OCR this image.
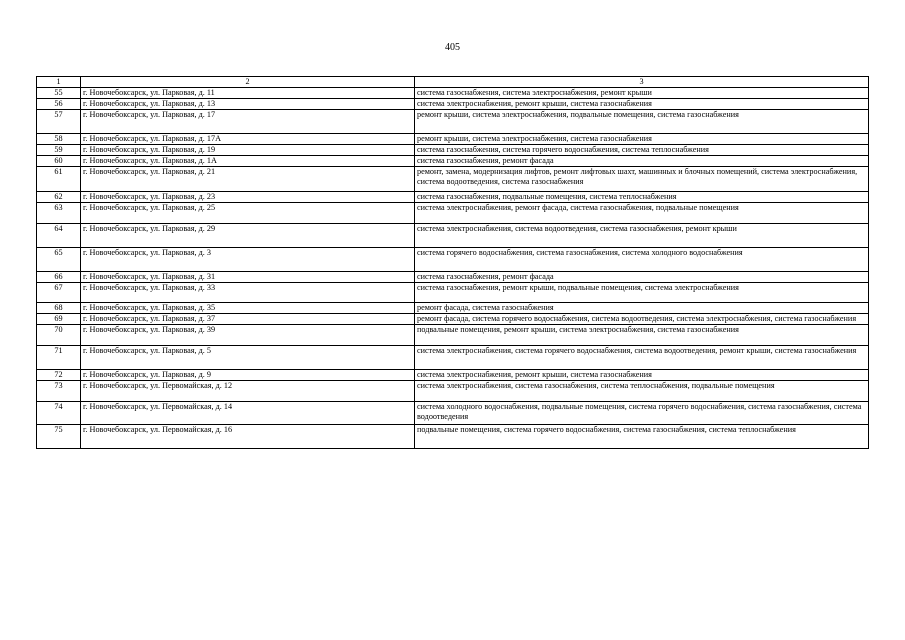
405
1	2	3
55	г. Новочебоксарск, ул. Парковая, д. 11	система газоснабжения, система электроснабжения, ремонт крыши
56	г. Новочебоксарск, ул. Парковая, д. 13	система электроснабжения, ремонт крыши, система газоснабжения
57	г. Новочебоксарск, ул. Парковая, д. 17	ремонт крыши, система электроснабжения, подвальные помещения, система газоснабжения
58	г. Новочебоксарск, ул. Парковая, д. 17А	ремонт крыши, система электроснабжения, система газоснабжения
59	г. Новочебоксарск, ул. Парковая, д. 19	система газоснабжения, система горячего водоснабжения, система теплоснабжения
60	г. Новочебоксарск, ул. Парковая, д. 1А	система газоснабжения, ремонт фасада
61	г. Новочебоксарск, ул. Парковая, д. 21	ремонт, замена, модернизация лифтов, ремонт лифтовых шахт, машинных и блочных помещений, система электроснабжения, система водоотведения, система газоснабжения
62	г. Новочебоксарск, ул. Парковая, д. 23	система газоснабжения, подвальные помещения, система теплоснабжения
63	г. Новочебоксарск, ул. Парковая, д. 25	система электроснабжения, ремонт фасада, система газоснабжения, подвальные помещения
64	г. Новочебоксарск, ул. Парковая, д. 29	система электроснабжения, система водоотведения, система газоснабжения, ремонт крыши
65	г. Новочебоксарск, ул. Парковая, д. 3	система горячего водоснабжения, система газоснабжения, система холодного водоснабжения
66	г. Новочебоксарск, ул. Парковая, д. 31	система газоснабжения, ремонт фасада
67	г. Новочебоксарск, ул. Парковая, д. 33	система газоснабжения, ремонт крыши, подвальные помещения, система электроснабжения
68	г. Новочебоксарск, ул. Парковая, д. 35	ремонт фасада, система газоснабжения
69	г. Новочебоксарск, ул. Парковая, д. 37	ремонт фасада, система горячего водоснабжения, система водоотведения, система электроснабжения, система газоснабжения
70	г. Новочебоксарск, ул. Парковая, д. 39	подвальные помещения, ремонт крыши, система электроснабжения, система газоснабжения
71	г. Новочебоксарск, ул. Парковая, д. 5	система электроснабжения, система горячего водоснабжения, система водоотведения, ремонт крыши, система газоснабжения
72	г. Новочебоксарск, ул. Парковая, д. 9	система электроснабжения, ремонт крыши, система газоснабжения
73	г. Новочебоксарск, ул. Первомайская, д. 12	система электроснабжения, система газоснабжения, система теплоснабжения, подвальные помещения
74	г. Новочебоксарск, ул. Первомайская, д. 14	система холодного водоснабжения, подвальные помещения, система горячего водоснабжения, система газоснабжения, система водоотведения
75	г. Новочебоксарск, ул. Первомайская, д. 16	подвальные помещения, система горячего водоснабжения, система газоснабжения, система теплоснабжения
